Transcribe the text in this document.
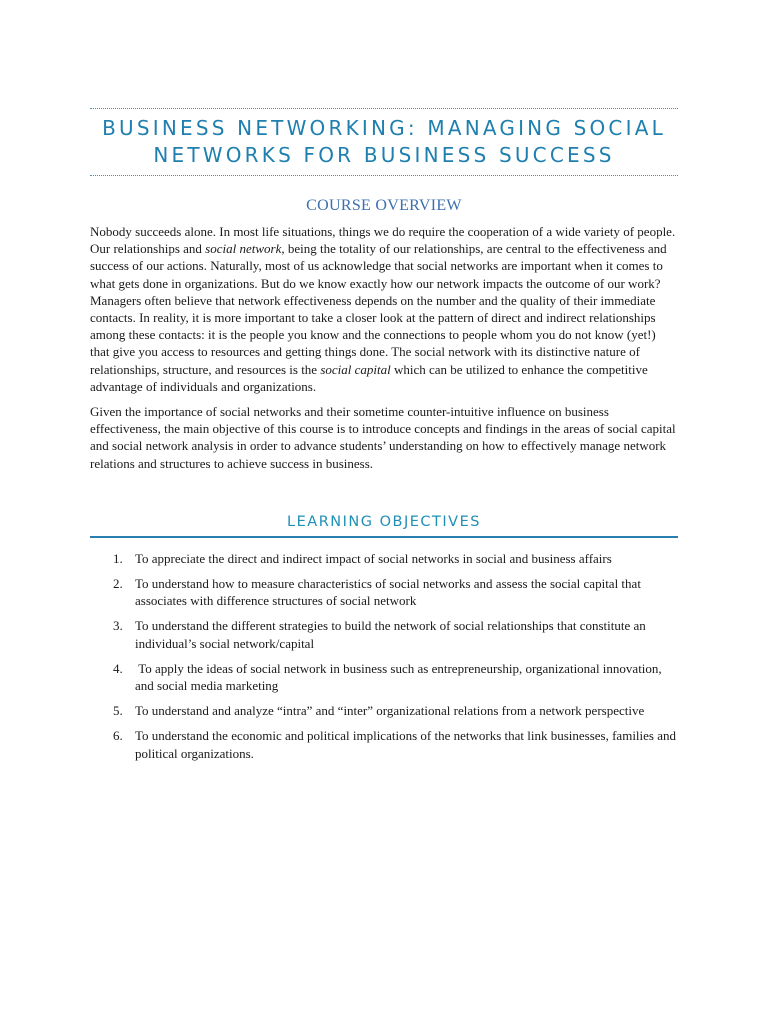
BUSINESS NETWORKING: MANAGING SOCIAL
NETWORKS FOR BUSINESS SUCCESS
COURSE OVERVIEW

Nobody succeeds alone. In most life situations, things we do require the cooperation of a wide variety of people. Our relationships and social network, being the totality of our relationships, are central to the effectiveness and success of our actions. Naturally, most of us acknowledge that social networks are important when it comes to what gets done in organizations. But do we know exactly how our network impacts the outcome of our work? Managers often believe that network effectiveness depends on the number and the quality of their immediate contacts. In reality, it is more important to take a closer look at the pattern of direct and indirect relationships among these contacts: it is the people you know and the connections to people whom you do not know (yet!) that give you access to resources and getting things done. The social network with its distinctive nature of relationships, structure, and resources is the social capital which can be utilized to enhance the competitive advantage of individuals and organizations.

Given the importance of social networks and their sometime counter-intuitive influence on business effectiveness, the main objective of this course is to introduce concepts and findings in the areas of social capital and social network analysis in order to advance students’ understanding on how to effectively manage network relations and structures to achieve success in business.

LEARNING OBJECTIVES
1. To appreciate the direct and indirect impact of social networks in social and business affairs
2. To understand how to measure characteristics of social networks and assess the social capital that associates with difference structures of social network
3. To understand the different strategies to build the network of social relationships that constitute an individual’s social network/capital
4. To apply the ideas of social network in business such as entrepreneurship, organizational innovation,  and social media marketing
5. To understand and analyze “intra” and “inter” organizational relations from a network perspective
6. To understand the economic and political implications of the networks that link businesses, families and political organizations.
